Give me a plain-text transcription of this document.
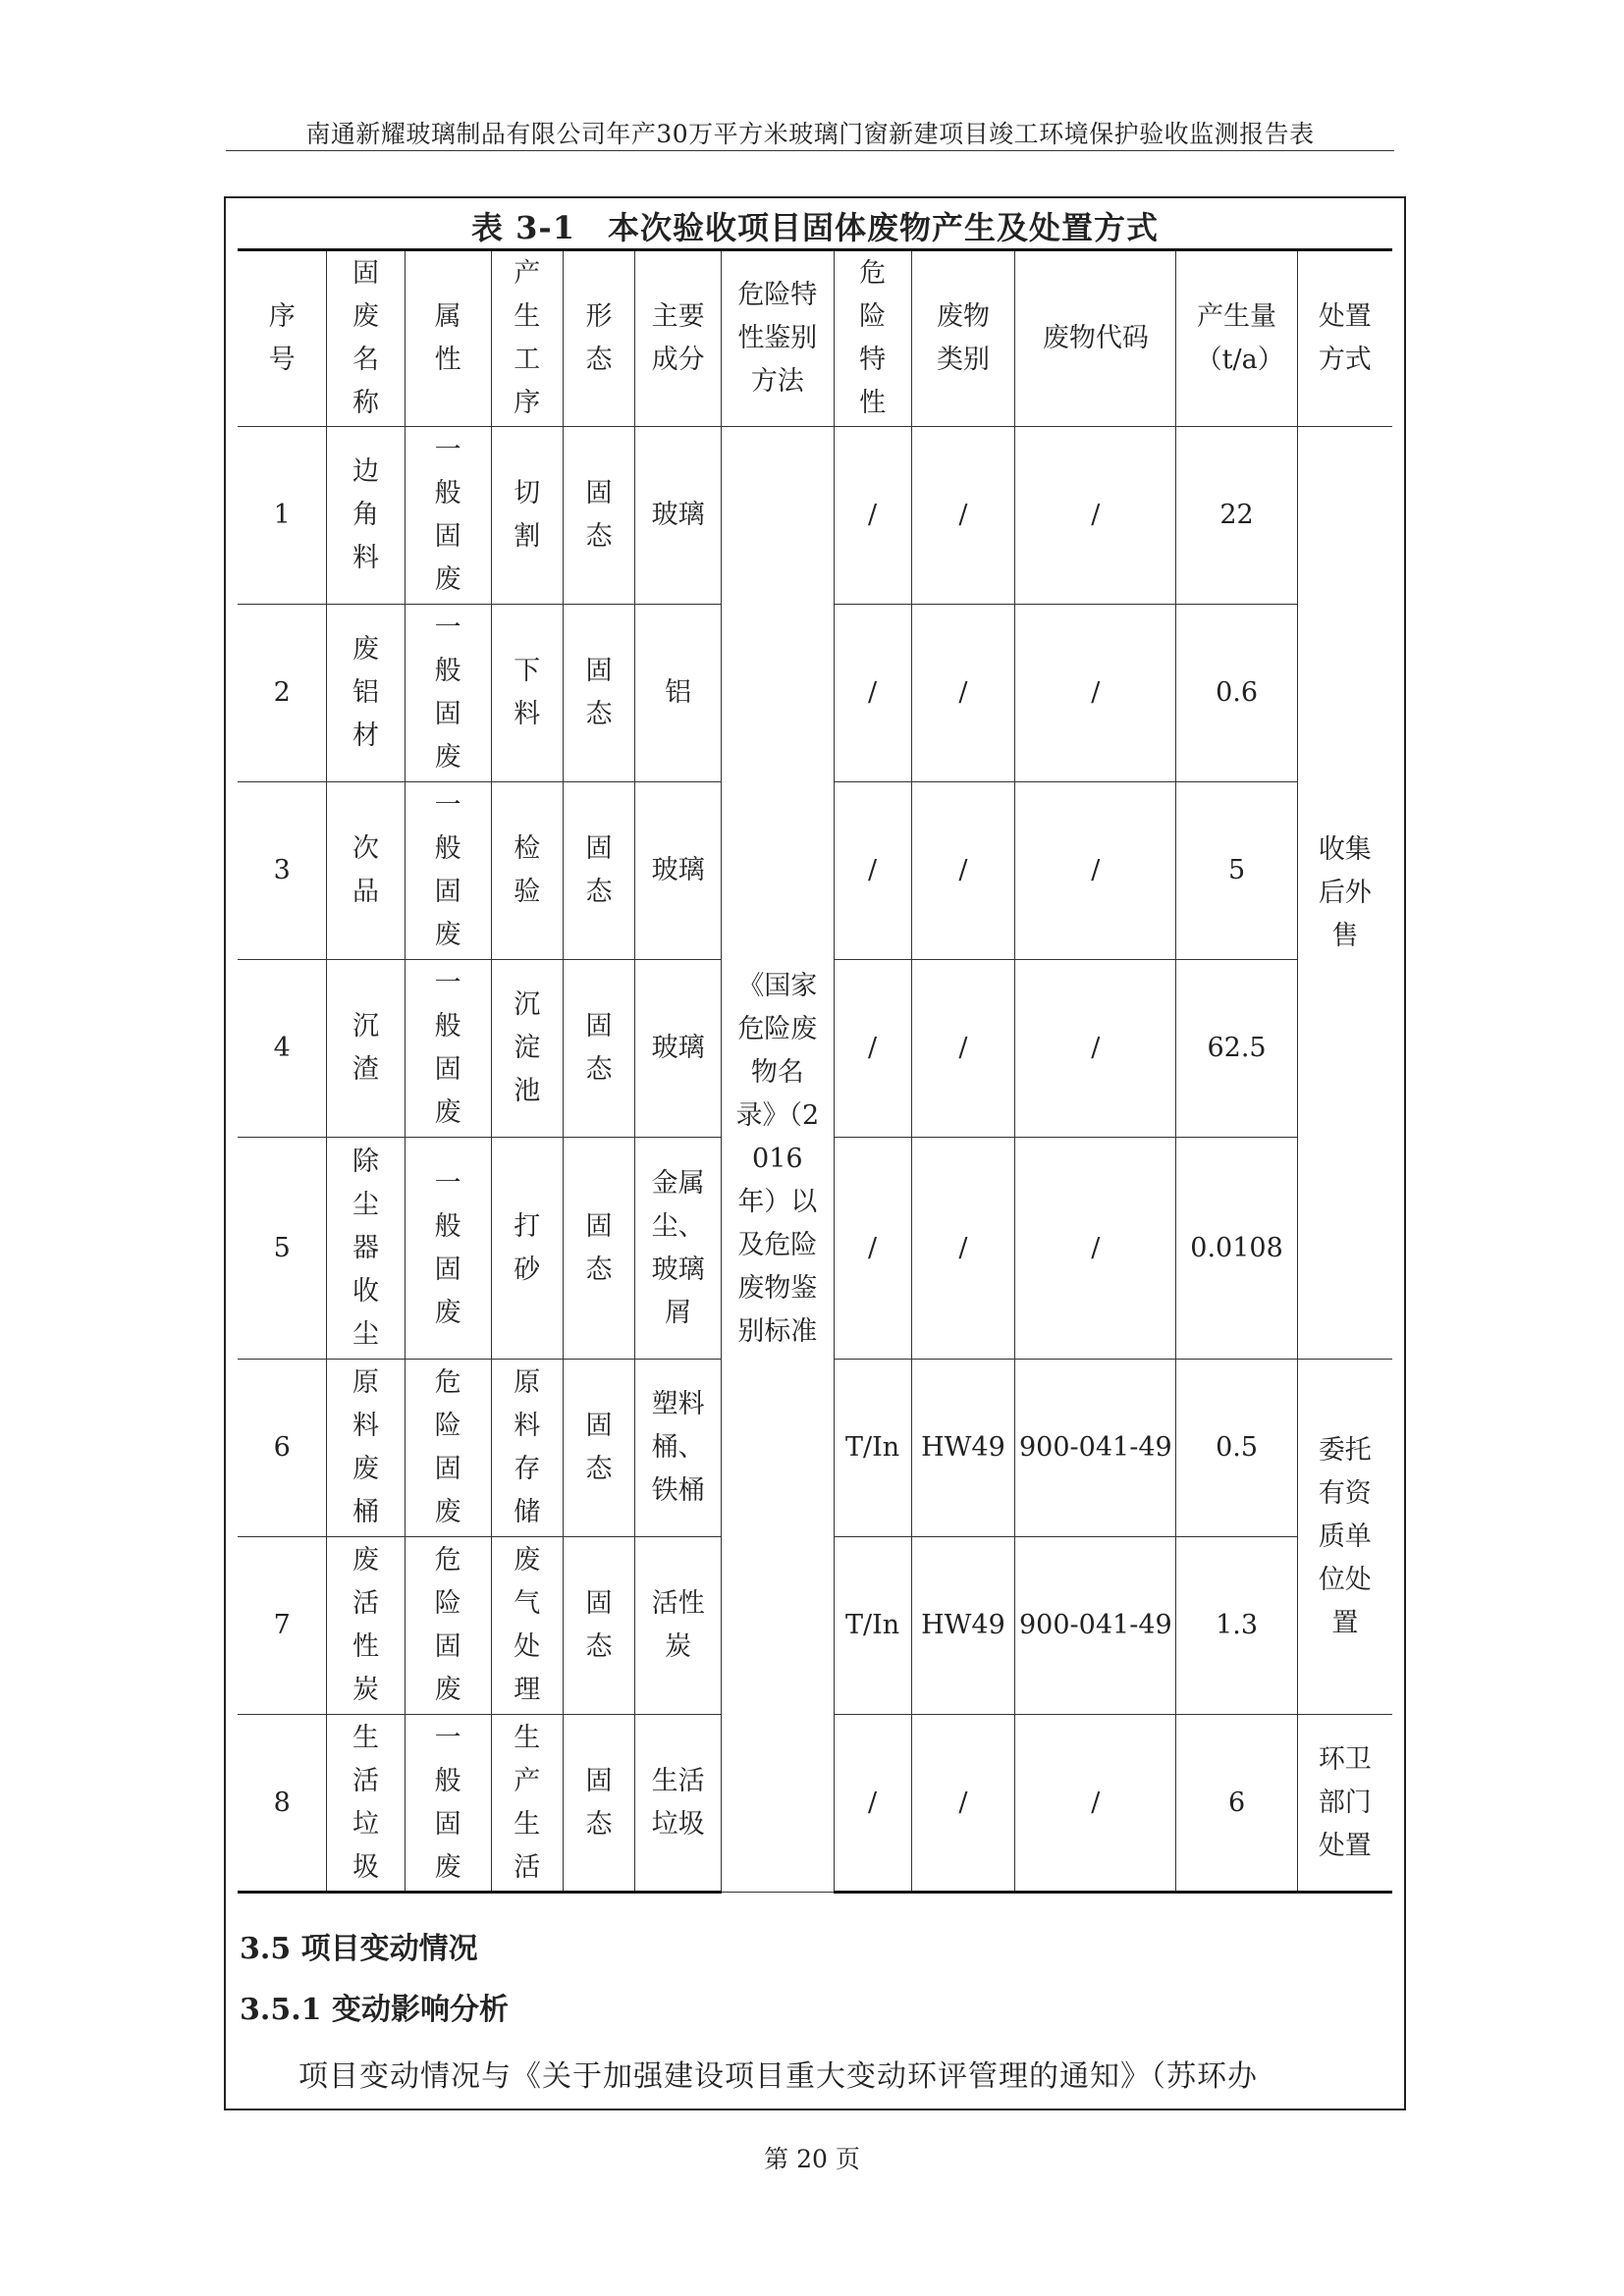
南通新耀玻璃制品有限公司年产30万平方米玻璃门窗新建项目竣工环境保护验收监测报告表
表 3-1　本次验收项目固体废物产生及处置方式
序号	固废名称	属性	产生工序	形态	主要成分	危险特性鉴别方法	危险特性	废物类别	废物代码	产生量（t/a）	处置方式
1	边角料	一般固废	切割	固态	玻璃	《国家危险废物名录》（2016年）以及危险废物鉴别标准	/	/	/	22	收集后外售
2	废铝材	一般固废	下料	固态	铝		/	/	/	0.6	
3	次品	一般固废	检验	固态	玻璃		/	/	/	5	
4	沉渣	一般固废	沉淀池	固态	玻璃		/	/	/	62.5	
5	除尘器收尘	一般固废	打砂	固态	金属尘、玻璃屑		/	/	/	0.0108	
6	原料废桶	危险固废	原料存储	固态	塑料桶、铁桶		T/In	HW49	900-041-49	0.5	委托有资质单位处置
7	废活性炭	危险固废	废气处理	固态	活性炭		T/In	HW49	900-041-49	1.3	
8	生活垃圾	一般固废	生产生活	固态	生活垃圾		/	/	/	6	环卫部门处置
3.5 项目变动情况
3.5.1 变动影响分析
项目变动情况与《关于加强建设项目重大变动环评管理的通知》（苏环办
第 20 页
